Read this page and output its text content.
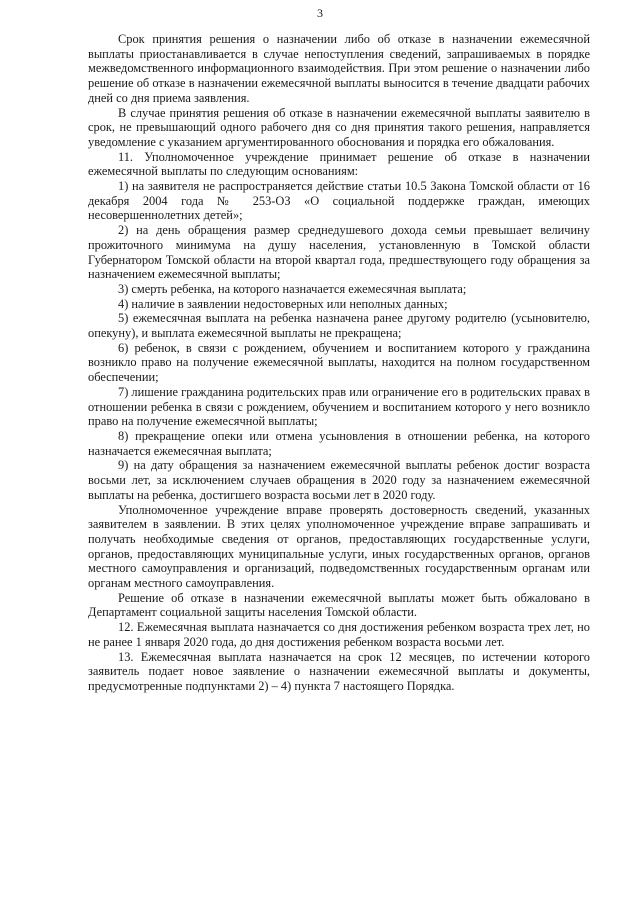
3

Срок принятия решения о назначении либо об отказе в назначении ежемесячной выплаты приостанавливается в случае непоступления сведений, запрашиваемых в порядке межведомственного информационного взаимодействия. При этом решение о назначении либо решение об отказе в назначении ежемесячной выплаты выносится в течение двадцати рабочих дней со дня приема заявления.

В случае принятия решения об отказе в назначении ежемесячной выплаты заявителю в срок, не превышающий одного рабочего дня со дня принятия такого решения, направляется уведомление с указанием аргументированного обоснования и порядка его обжалования.

11. Уполномоченное учреждение принимает решение об отказе в назначении ежемесячной выплаты по следующим основаниям:

1) на заявителя не распространяется действие статьи 10.5 Закона Томской области от 16 декабря 2004 года № 253-ОЗ «О социальной поддержке граждан, имеющих несовершеннолетних детей»;

2) на день обращения размер среднедушевого дохода семьи превышает величину прожиточного минимума на душу населения, установленную в Томской области Губернатором Томской области на второй квартал года, предшествующего году обращения за назначением ежемесячной выплаты;

3) смерть ребенка, на которого назначается ежемесячная выплата;

4) наличие в заявлении недостоверных или неполных данных;

5) ежемесячная выплата на ребенка назначена ранее другому родителю (усыновителю, опекуну), и выплата ежемесячной выплаты не прекращена;

6) ребенок, в связи с рождением, обучением и воспитанием которого у гражданина возникло право на получение ежемесячной выплаты, находится на полном государственном обеспечении;

7) лишение гражданина родительских прав или ограничение его в родительских правах в отношении ребенка в связи с рождением, обучением и воспитанием которого у него возникло право на получение ежемесячной выплаты;

8) прекращение опеки или отмена усыновления в отношении ребенка, на которого назначается ежемесячная выплата;

9) на дату обращения за назначением ежемесячной выплаты ребенок достиг возраста восьми лет, за исключением случаев обращения в 2020 году за назначением ежемесячной выплаты на ребенка, достигшего возраста восьми лет в 2020 году.

Уполномоченное учреждение вправе проверять достоверность сведений, указанных заявителем в заявлении. В этих целях уполномоченное учреждение вправе запрашивать и получать необходимые сведения от органов, предоставляющих государственные услуги, органов, предоставляющих муниципальные услуги, иных государственных органов, органов местного самоуправления и организаций, подведомственных государственным органам или органам местного самоуправления.

Решение об отказе в назначении ежемесячной выплаты может быть обжаловано в Департамент социальной защиты населения Томской области.

12. Ежемесячная выплата назначается со дня достижения ребенком возраста трех лет, но не ранее 1 января 2020 года, до дня достижения ребенком возраста восьми лет.

13. Ежемесячная выплата назначается на срок 12 месяцев, по истечении которого заявитель подает новое заявление о назначении ежемесячной выплаты и документы, предусмотренные подпунктами 2) – 4) пункта 7 настоящего Порядка.
